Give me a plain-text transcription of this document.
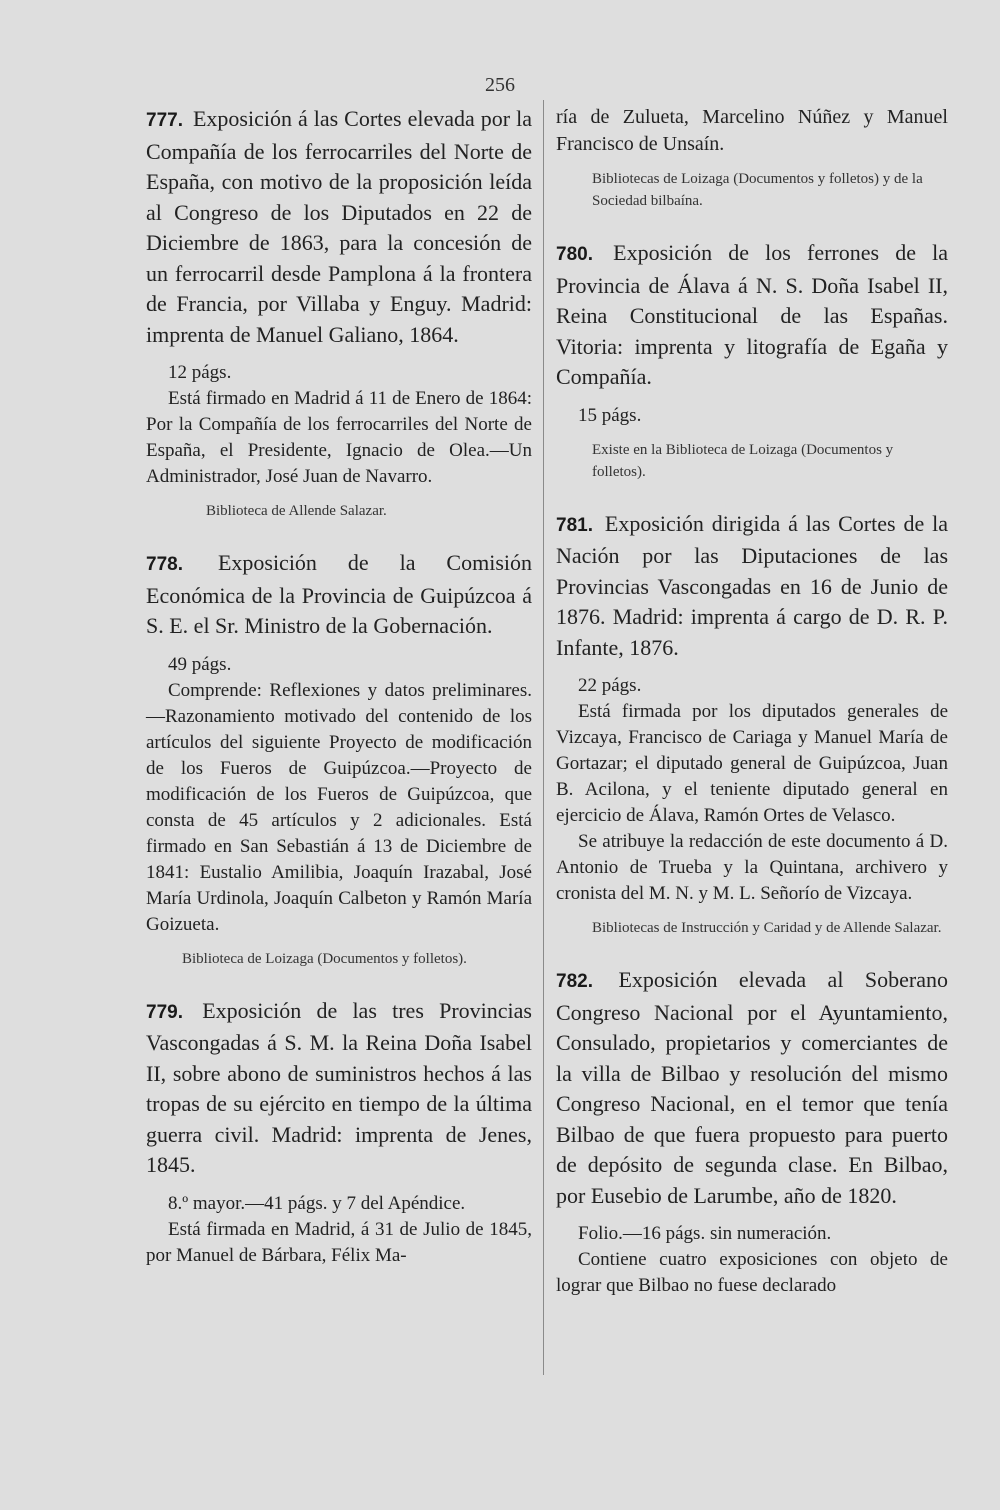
256

777. Exposición á las Cortes elevada por la Compañía de los ferrocarriles del Norte de España, con motivo de la proposición leída al Congreso de los Diputados en 22 de Diciembre de 1863, para la concesión de un ferrocarril desde Pamplona á la frontera de Francia, por Villaba y Enguy. Madrid: imprenta de Manuel Galiano, 1864.

12 págs.

Está firmado en Madrid á 11 de Enero de 1864: Por la Compañía de los ferrocarriles del Norte de España, el Presidente, Ignacio de Olea.—Un Administrador, José Juan de Navarro.

Biblioteca de Allende Salazar.

778. Exposición de la Comisión Económica de la Provincia de Guipúzcoa á S. E. el Sr. Ministro de la Gobernación.

49 págs.

Comprende: Reflexiones y datos preliminares.—Razonamiento motivado del contenido de los artículos del siguiente Proyecto de modificación de los Fueros de Guipúzcoa.—Proyecto de modificación de los Fueros de Guipúzcoa, que consta de 45 artículos y 2 adicionales. Está firmado en San Sebastián á 13 de Diciembre de 1841: Eustalio Amilibia, Joaquín Irazabal, José María Urdinola, Joaquín Calbeton y Ramón María Goizueta.

Biblioteca de Loizaga (Documentos y folletos).

779. Exposición de las tres Provincias Vascongadas á S. M. la Reina Doña Isabel II, sobre abono de suministros hechos á las tropas de su ejército en tiempo de la última guerra civil. Madrid: imprenta de Jenes, 1845.

8.º mayor.—41 págs. y 7 del Apéndice.

Está firmada en Madrid, á 31 de Julio de 1845, por Manuel de Bárbara, Félix Ma-

ría de Zulueta, Marcelino Núñez y Manuel Francisco de Unsaín.

Bibliotecas de Loizaga (Documentos y folletos) y de la Sociedad bilbaína.

780. Exposición de los ferrones de la Provincia de Álava á N. S. Doña Isabel II, Reina Constitucional de las Españas. Vitoria: imprenta y litografía de Egaña y Compañía.

15 págs.

Existe en la Biblioteca de Loizaga (Documentos y folletos).

781. Exposición dirigida á las Cortes de la Nación por las Diputaciones de las Provincias Vascongadas en 16 de Junio de 1876. Madrid: imprenta á cargo de D. R. P. Infante, 1876.

22 págs.

Está firmada por los diputados generales de Vizcaya, Francisco de Cariaga y Manuel María de Gortazar; el diputado general de Guipúzcoa, Juan B. Acilona, y el teniente diputado general en ejercicio de Álava, Ramón Ortes de Velasco.

Se atribuye la redacción de este documento á D. Antonio de Trueba y la Quintana, archivero y cronista del M. N. y M. L. Señorío de Vizcaya.

Bibliotecas de Instrucción y Caridad y de Allende Salazar.

782. Exposición elevada al Soberano Congreso Nacional por el Ayuntamiento, Consulado, propietarios y comerciantes de la villa de Bilbao y resolución del mismo Congreso Nacional, en el temor que tenía Bilbao de que fuera propuesto para puerto de depósito de segunda clase. En Bilbao, por Eusebio de Larumbe, año de 1820.

Folio.—16 págs. sin numeración.

Contiene cuatro exposiciones con objeto de lograr que Bilbao no fuese declarado
